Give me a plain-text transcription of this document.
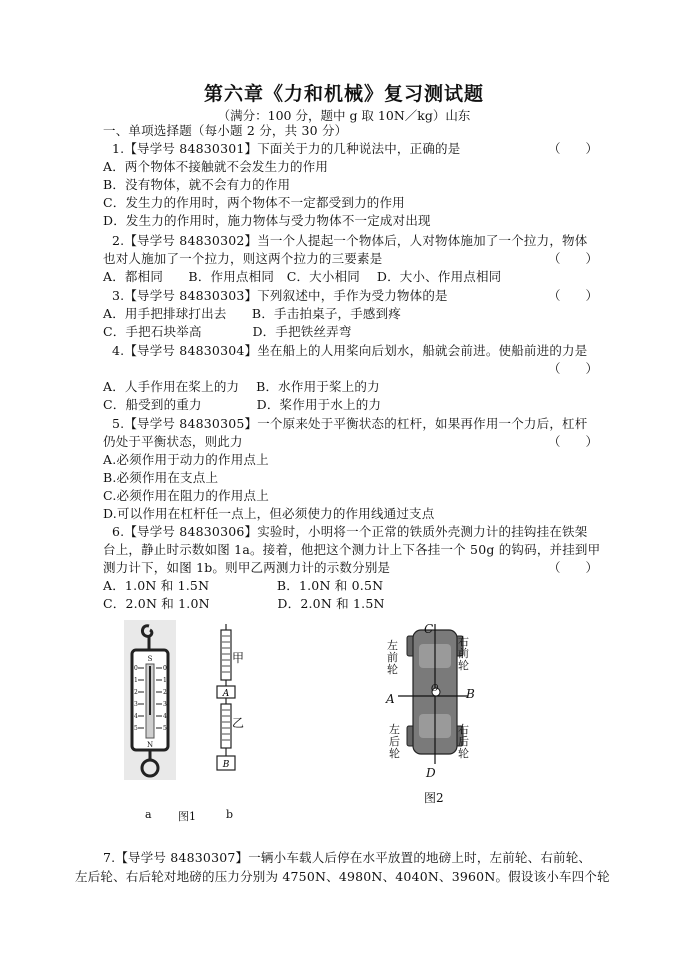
第六章《力和机械》复习测试题
（满分：100 分，题中 g 取 10N／kg）山东
一、单项选择题（每小题 2 分，共 30 分）
1.【导学号 84830301】下面关于力的几种说法中，正确的是	（　　）
A．两个物体不接触就不会发生力的作用
B．没有物体，就不会有力的作用
C．发生力的作用时，两个物体不一定都受到力的作用
D．发生力的作用时，施力物体与受力物体不一定成对出现
2.【导学号 84830302】当一个人提起一个物体后，人对物体施加了一个拉力，物体
也对人施加了一个拉力，则这两个拉力的三要素是	（　　）
A．都相同　　B．作用点相同　C．大小相同　 D．大小、作用点相同
3.【导学号 84830303】下列叙述中，手作为受力物体的是	（　　）
A．用手把排球打出去　　B．手击拍桌子，手感到疼
C．手把石块举高　　　　D．手把铁丝弄弯
4.【导学号 84830304】坐在船上的人用桨向后划水，船就会前进。使船前进的力是
（　　）
A．人手作用在桨上的力　 B．水作用于桨上的力
C．船受到的重力　　　　 D．桨作用于水上的力
5.【导学号 84830305】一个原来处于平衡状态的杠杆，如果再作用一个力后，杠杆
仍处于平衡状态，则此力	（　　）
A.必须作用于动力的作用点上
B.必须作用在支点上
C.必须作用在阻力的作用点上
D.可以作用在杠杆任一点上，但必须使力的作用线通过支点
6.【导学号 84830306】实验时，小明将一个正常的铁质外壳测力计的挂钩挂在铁架
台上，静止时示数如图 1a。接着，他把这个测力计上下各挂一个 50g 的钩码，并挂到甲
测力计下，如图 1b。则甲乙两测力计的示数分别是	（　　）
A．1.0N 和 1.5N　　　　　 B．1.0N 和 0.5N
C．2.0N 和 1.0N　　　　　 D．2.0N 和 1.5N
S
N
0
1
2
3
4
5
0
1
2
3
4
5
A
B
甲
乙
a 图1	b
C
D
A	B
O
左
前
轮
右
前
轮
左
后
轮
右
后
轮
图2
7.【导学号 84830307】一辆小车载人后停在水平放置的地磅上时，左前轮、右前轮、
左后轮、右后轮对地磅的压力分别为 4750N、4980N、4040N、3960N。假设该小车四个轮
